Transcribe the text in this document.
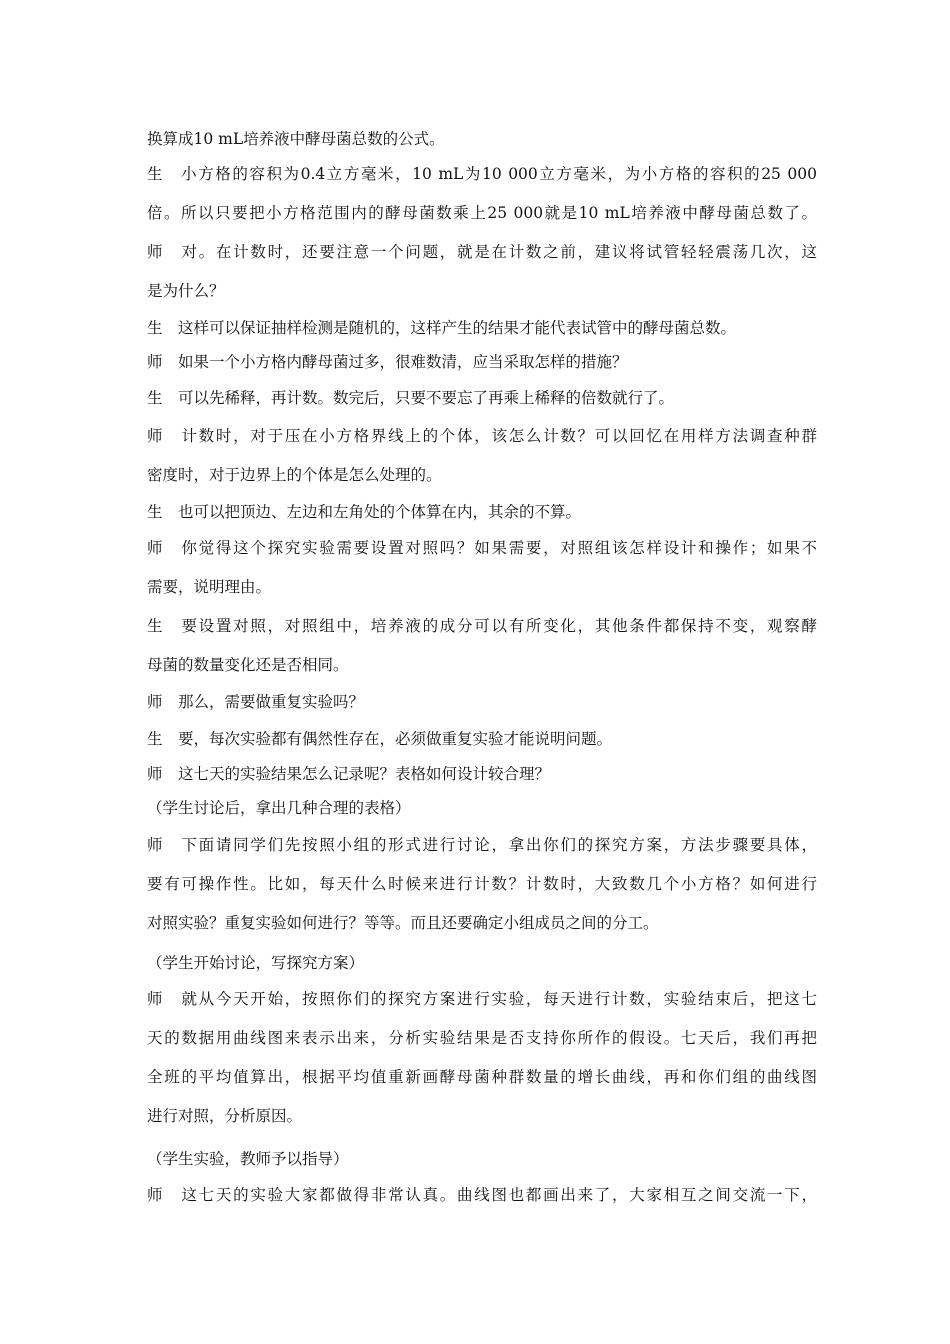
换算成10 mL培养液中酵母菌总数的公式。
生　小方格的容积为0.4立方毫米，10 mL为10 000立方毫米，为小方格的容积的25 000
倍。所以只要把小方格范围内的酵母菌数乘上25 000就是10 mL培养液中酵母菌总数了。
师　对。在计数时，还要注意一个问题，就是在计数之前，建议将试管轻轻震荡几次，这
是为什么？
生　这样可以保证抽样检测是随机的，这样产生的结果才能代表试管中的酵母菌总数。
师　如果一个小方格内酵母菌过多，很难数清，应当采取怎样的措施？
生　可以先稀释，再计数。数完后，只要不要忘了再乘上稀释的倍数就行了。
师　计数时，对于压在小方格界线上的个体，该怎么计数？可以回忆在用样方法调查种群
密度时，对于边界上的个体是怎么处理的。
生　也可以把顶边、左边和左角处的个体算在内，其余的不算。
师　你觉得这个探究实验需要设置对照吗？如果需要，对照组该怎样设计和操作；如果不
需要，说明理由。
生　要设置对照，对照组中，培养液的成分可以有所变化，其他条件都保持不变，观察酵
母菌的数量变化还是否相同。
师　那么，需要做重复实验吗？
生　要，每次实验都有偶然性存在，必须做重复实验才能说明问题。
师　这七天的实验结果怎么记录呢？表格如何设计较合理？
（学生讨论后，拿出几种合理的表格）
师　下面请同学们先按照小组的形式进行讨论，拿出你们的探究方案，方法步骤要具体，
要有可操作性。比如，每天什么时候来进行计数？计数时，大致数几个小方格？如何进行
对照实验？重复实验如何进行？等等。而且还要确定小组成员之间的分工。
（学生开始讨论，写探究方案）
师　就从今天开始，按照你们的探究方案进行实验，每天进行计数，实验结束后，把这七
天的数据用曲线图来表示出来，分析实验结果是否支持你所作的假设。七天后，我们再把
全班的平均值算出，根据平均值重新画酵母菌种群数量的增长曲线，再和你们组的曲线图
进行对照，分析原因。
（学生实验，教师予以指导）
师　这七天的实验大家都做得非常认真。曲线图也都画出来了，大家相互之间交流一下，
